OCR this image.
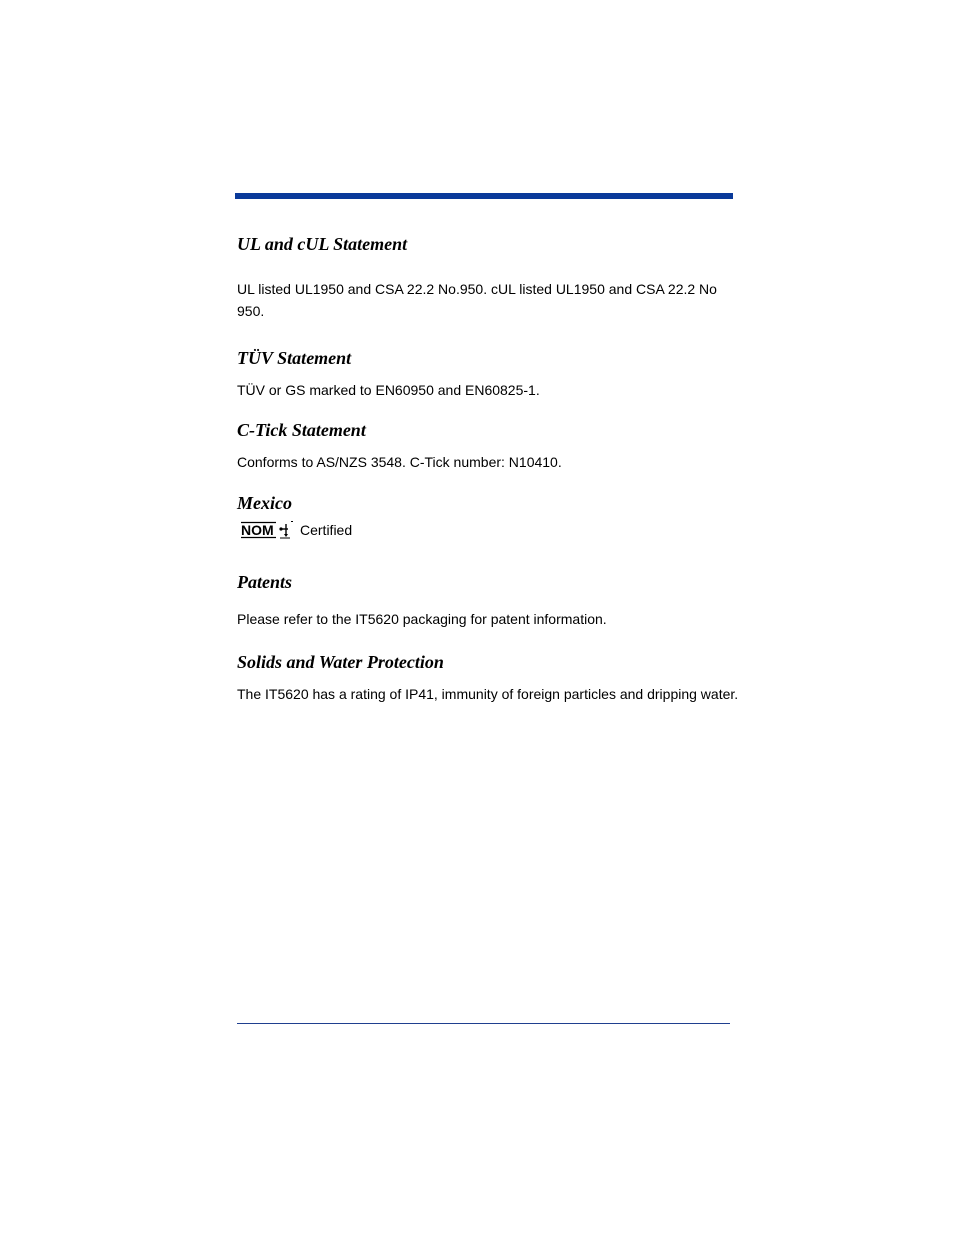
UL and cUL Statement

UL listed UL1950 and CSA 22.2 No.950. cUL listed UL1950 and CSA 22.2 No 950.

TÜV Statement

TÜV or GS marked to EN60950 and EN60825-1.

C-Tick Statement

Conforms to AS/NZS 3548. C-Tick number: N10410.

Mexico
NOM Certified
Patents

Please refer to the IT5620 packaging for patent information.

Solids and Water Protection

The IT5620 has a rating of IP41, immunity of foreign particles and dripping water.
